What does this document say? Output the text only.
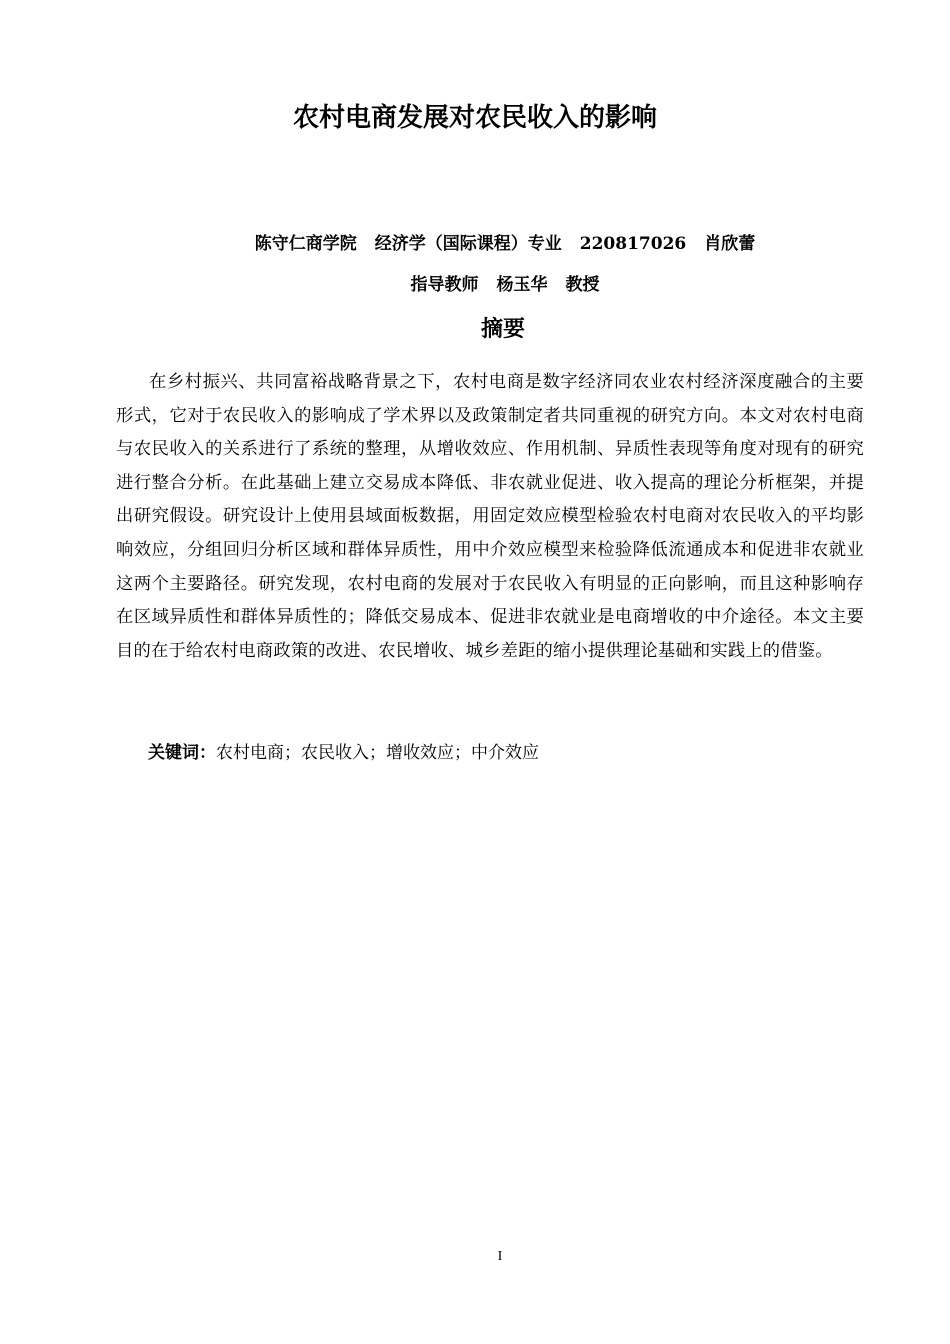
农村电商发展对农民收入的影响
陈守仁商学院 经济学（国际课程）专业 220817026 肖欣蕾
指导教师 杨玉华 教授
摘要

在乡村振兴、共同富裕战略背景之下，农村电商是数字经济同农业农村经济深度融合的主要形式，它对于农民收入的影响成了学术界以及政策制定者共同重视的研究方向。本文对农村电商与农民收入的关系进行了系统的整理，从增收效应、作用机制、异质性表现等角度对现有的研究进行整合分析。在此基础上建立交易成本降低、非农就业促进、收入提高的理论分析框架，并提出研究假设。研究设计上使用县域面板数据，用固定效应模型检验农村电商对农民收入的平均影响效应，分组回归分析区域和群体异质性，用中介效应模型来检验降低流通成本和促进非农就业这两个主要路径。研究发现，农村电商的发展对于农民收入有明显的正向影响，而且这种影响存在区域异质性和群体异质性的；降低交易成本、促进非农就业是电商增收的中介途径。本文主要目的在于给农村电商政策的改进、农民增收、城乡差距的缩小提供理论基础和实践上的借鉴。

关键词：农村电商；农民收入；增收效应；中介效应

I
